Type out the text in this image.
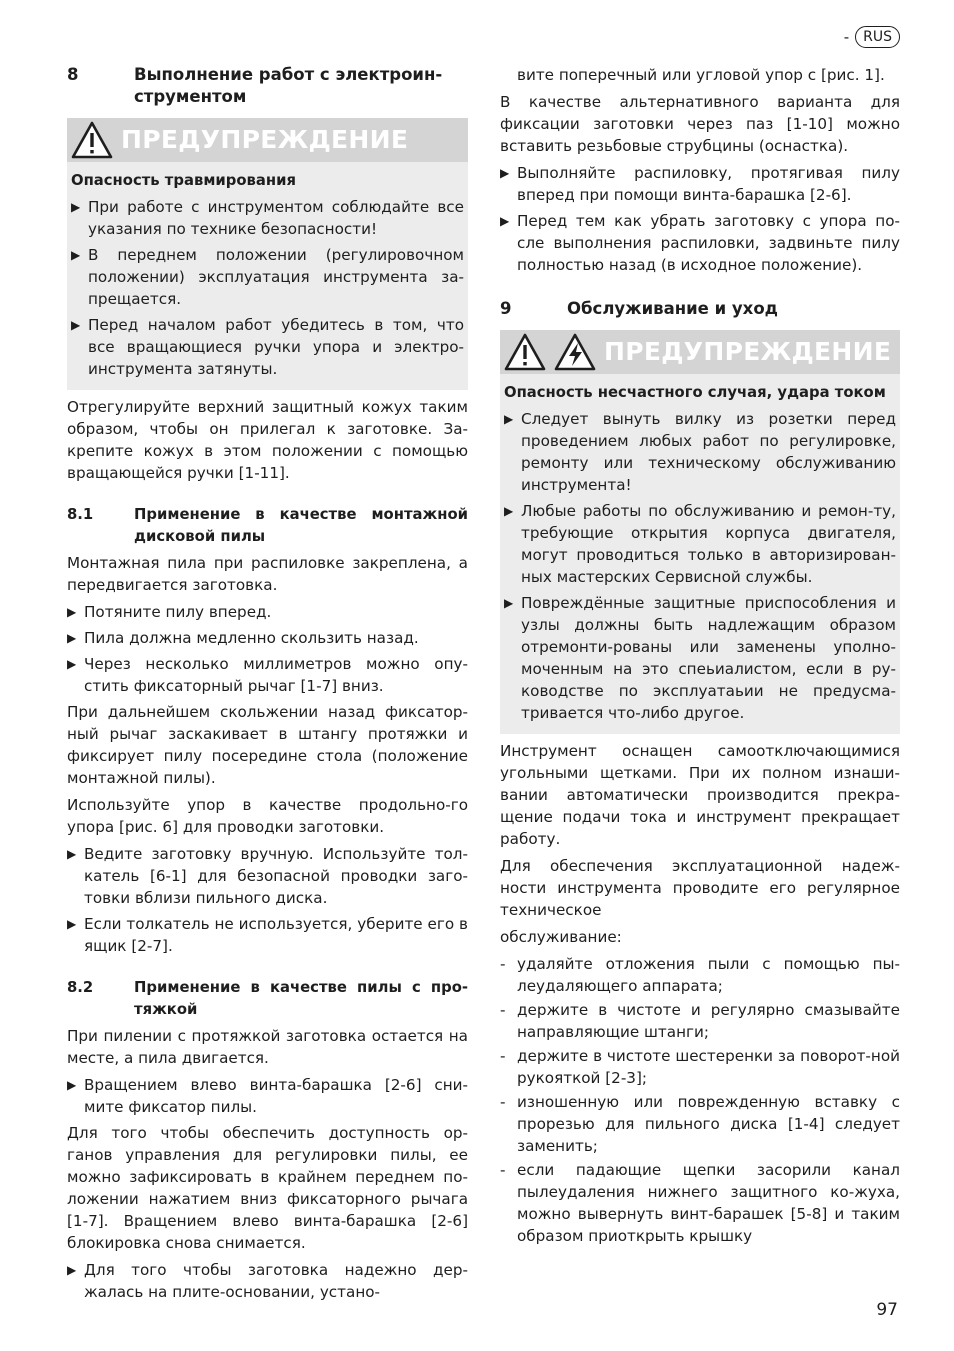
-	RUS
8	Выполнение работ с электроин-струментом
ПРЕДУПРЕЖДЕНИЕ
Опасность травмирования
▶ При работе с инструментом соблюдайте все указания по технике безопасности!
▶ В переднем положении (регулировочном положении) эксплуатация инструмента за-прещается.
▶ Перед началом работ убедитесь в том, что все вращающиеся ручки упора и электро-инструмента затянуты.

Отрегулируйте верхний защитный кожух таким образом, чтобы он прилегал к заготовке. За-крепите кожух в этом положении с помощью вращающейся ручки [1-11].

8.1	Применение в качестве монтажной дисковой пилы

Монтажная пила при распиловке закреплена, а передвигается заготовка.

▶ Потяните пилу вперед.
▶ Пила должна медленно скользить назад.
▶ Через несколько миллиметров можно опу-стить фиксаторный рычаг [1-7] вниз.

При дальнейшем скольжении назад фиксатор-ный рычаг заскакивает в штангу протяжки и фиксирует пилу посередине стола (положение монтажной пилы).

Используйте упор в качестве продольно-го упора [рис. 6] для проводки заготовки.

▶ Ведите заготовку вручную. Используйте тол-катель [6-1] для безопасной проводки заго-товки вблизи пильного диска.
▶ Если толкатель не используется, уберите его в ящик [2-7].
8.2	Применение в качестве пилы с про-тяжкой

При пилении с протяжкой заготовка остается на месте, а пила двигается.

▶ Вращением влево винта-барашка [2-6] сни-мите фиксатор пилы.

Для того чтобы обеспечить доступность ор-ганов управления для регулировки пилы, ее можно зафиксировать в крайнем переднем по-ложении нажатием вниз фиксаторного рычага [1-7]. Вращением влево винта-барашка [2-6] блокировка снова снимается.

▶ Для того чтобы заготовка надежно дер-жалась на плите-основании, устано-

вите поперечный или угловой упор с [рис. 1].

В качестве альтернативного варианта для фиксации заготовки через паз [1-10] можно вставить резьбовые струбцины (оснастка).

▶ Выполняйте распиловку, протягивая пилу вперед при помощи винта-барашка [2-6].
▶ Перед тем как убрать заготовку с упора по-сле выполнения распиловки, задвиньте пилу полностью назад (в исходное положение).
9	Обслуживание и уход
ПРЕДУПРЕЖДЕНИЕ
Опасность несчастного случая, удара током
▶ Следует вынуть вилку из розетки перед проведением любых работ по регулировке, ремонту или техническому обслуживанию инструмента!
▶ Любые работы по обслуживанию и ремон-ту, требующие открытия корпуса двигателя, могут проводиться только в авторизирован-ных мастерских Сервисной службы.
▶ Повреждённые защитные приспособления и узлы должны быть надлежащим образом отремонти-рованы или заменены уполно-моченным на это спеьиалистом, если в ру-ководстве по эксплуатаьии не предусма-тривается что-либо другое.

Инструмент оснащен самоотключающимися угольными щетками. При их полном изнаши-вании автоматически производится прекра-щение подачи тока и инструмент прекращает работу.

Для обеспечения эксплуатационной надеж-ности инструмента проводите его регулярное техническое

обслуживание:

- удаляйте отложения пыли с помощью пы-леудаляющего аппарата;
- держите в чистоте и регулярно смазывайте направляющие штанги;
- держите в чистоте шестеренки за поворот-ной рукояткой [2-3];
- изношенную или поврежденную вставку с прорезью для пильного диска [1-4] следует заменить;
- если падающие щепки засорили канал пылеудаления нижнего защитного ко-жуха, можно вывернуть винт-барашек [5-8] и таким образом приоткрыть крышку
97
